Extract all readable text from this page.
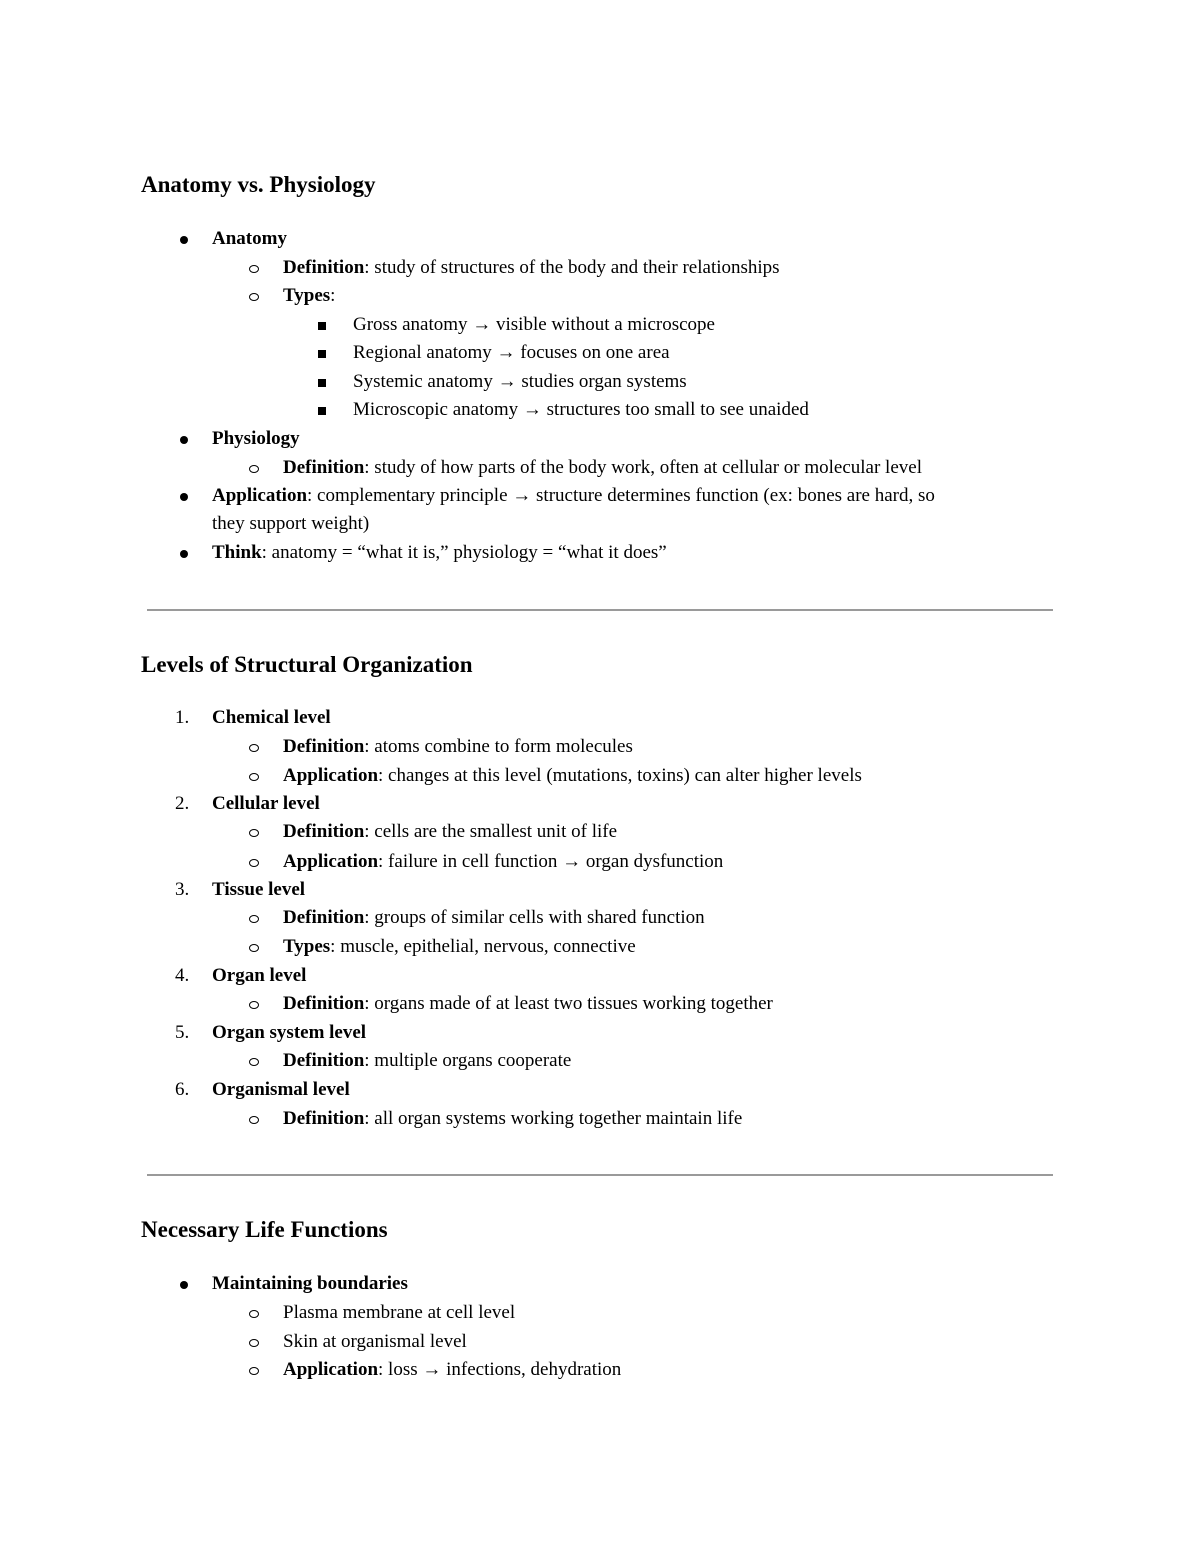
Anatomy vs. Physiology
Anatomy
Definition: study of structures of the body and their relationships
Types:
Gross anatomy → visible without a microscope
Regional anatomy → focuses on one area
Systemic anatomy → studies organ systems
Microscopic anatomy → structures too small to see unaided
Physiology
Definition: study of how parts of the body work, often at cellular or molecular level
Application: complementary principle → structure determines function (ex: bones are hard, so
they support weight)
Think: anatomy = “what it is,” physiology = “what it does”
Levels of Structural Organization
1. Chemical level
Definition: atoms combine to form molecules
Application: changes at this level (mutations, toxins) can alter higher levels
2. Cellular level
Definition: cells are the smallest unit of life
Application: failure in cell function → organ dysfunction
3. Tissue level
Definition: groups of similar cells with shared function
Types: muscle, epithelial, nervous, connective
4. Organ level
Definition: organs made of at least two tissues working together
5. Organ system level
Definition: multiple organs cooperate
6. Organismal level
Definition: all organ systems working together maintain life
Necessary Life Functions
Maintaining boundaries
Plasma membrane at cell level
Skin at organismal level
Application: loss → infections, dehydration
